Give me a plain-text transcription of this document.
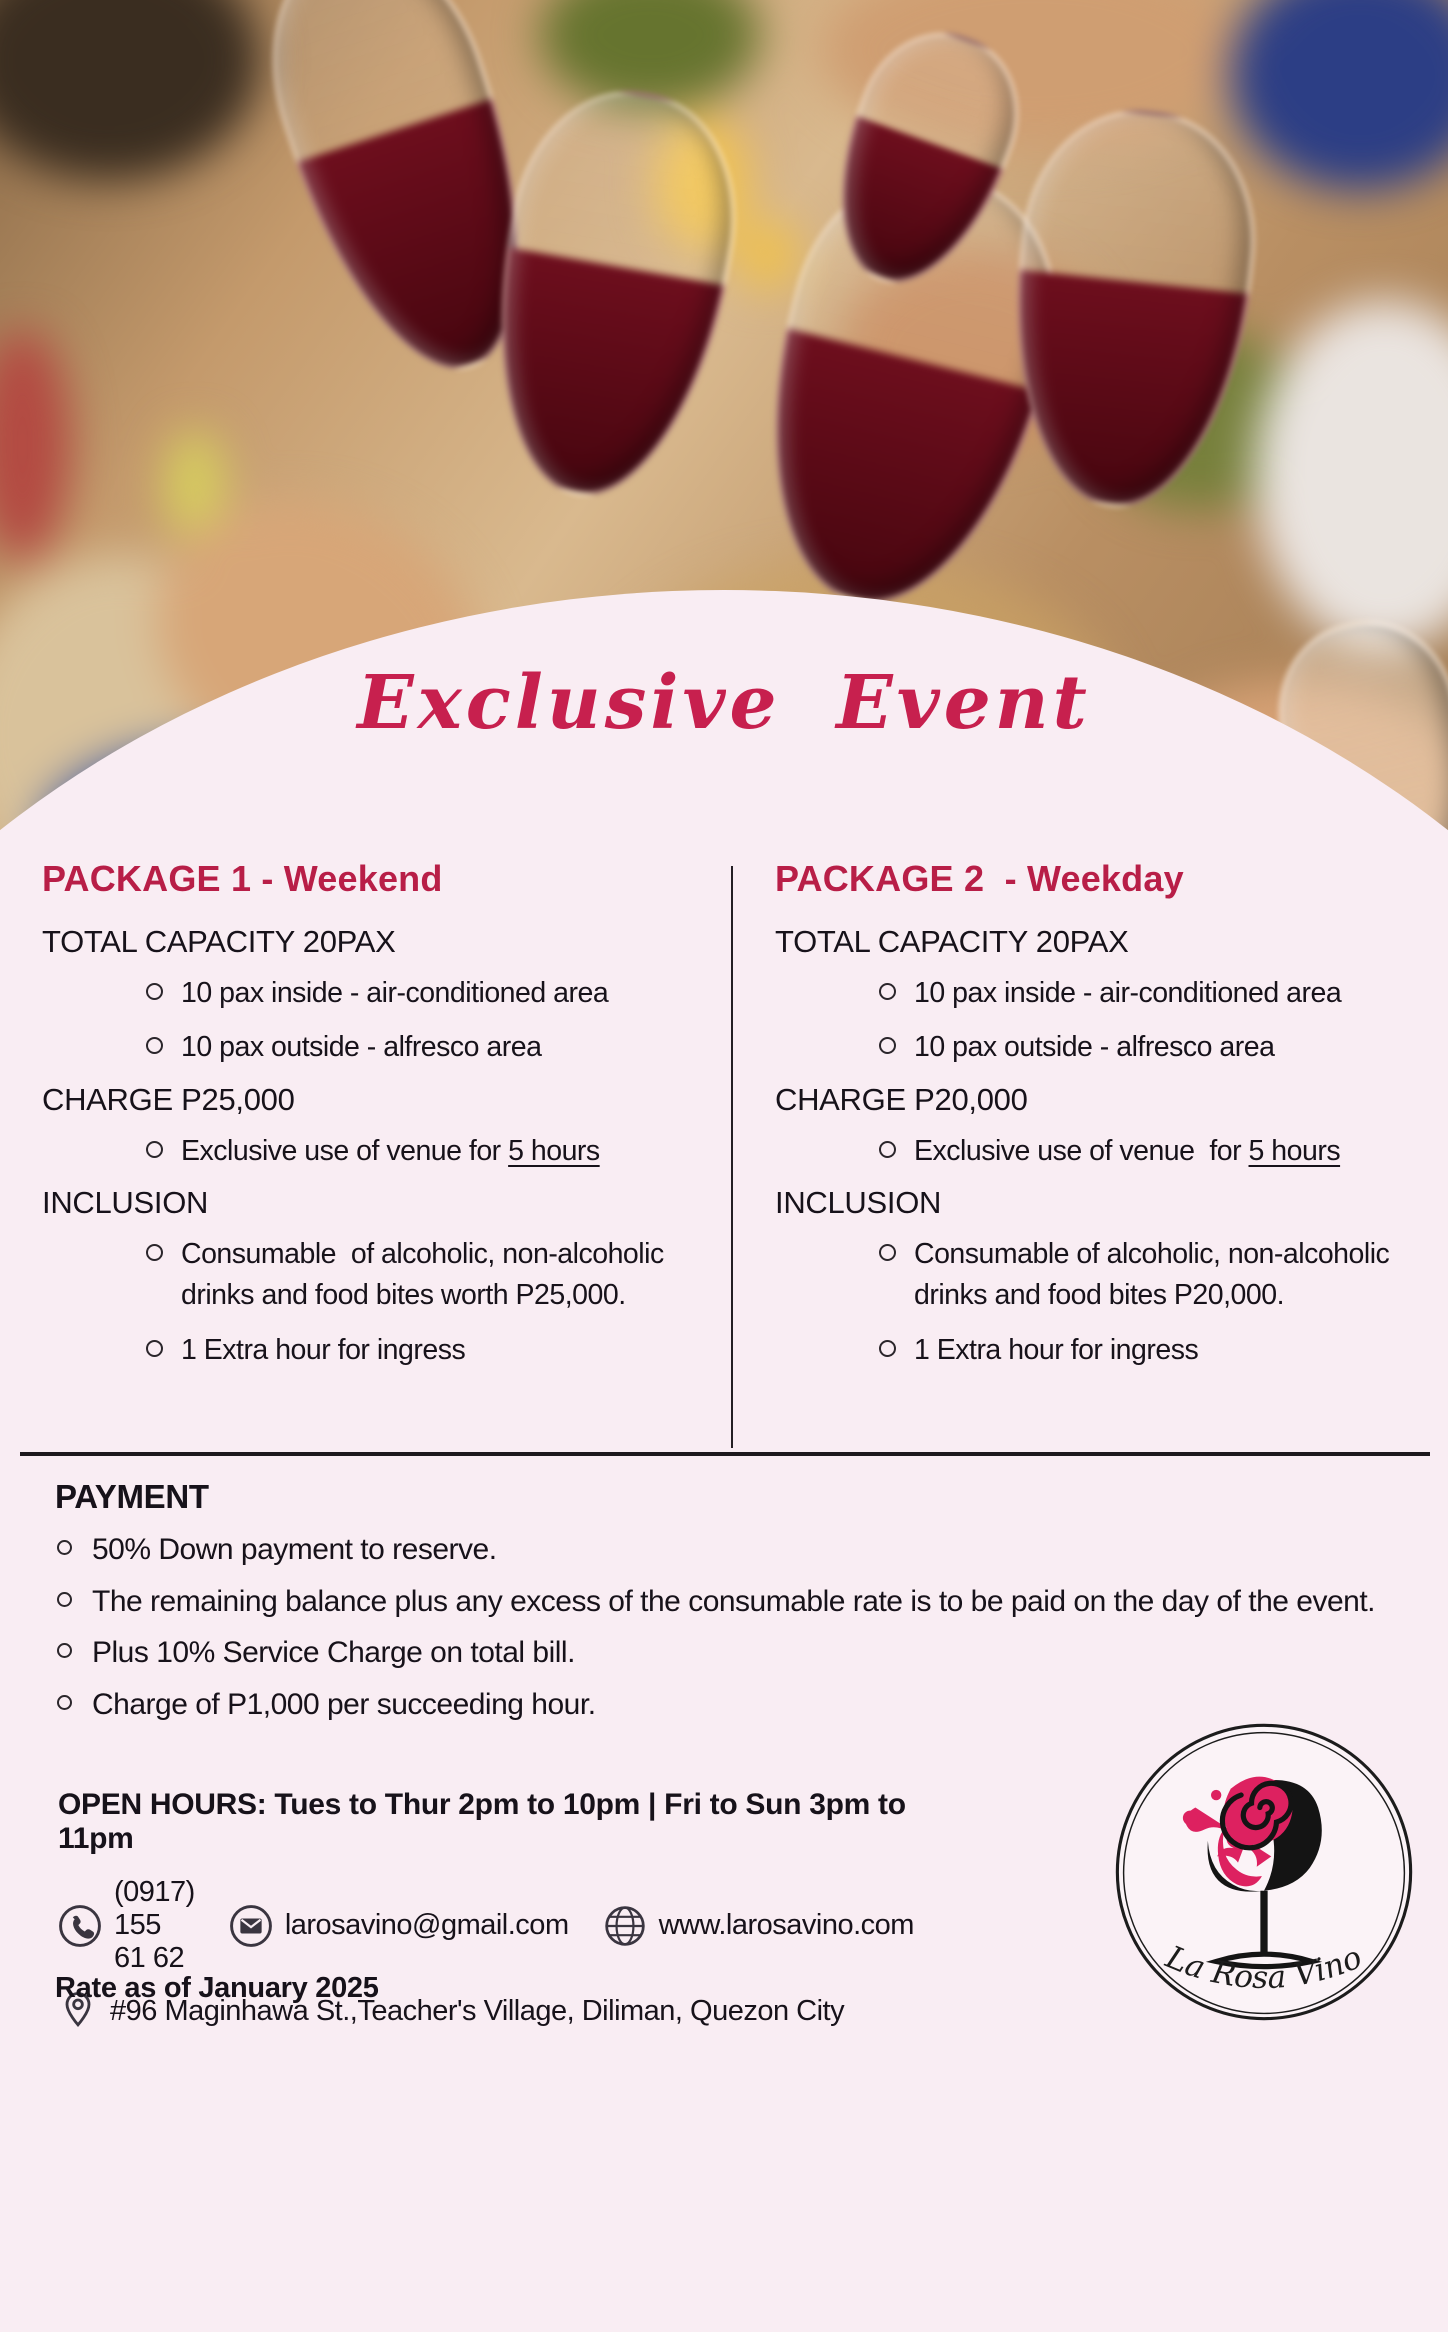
Exclusive Event
PACKAGE 1 - Weekend
TOTAL CAPACITY 20PAX
10 pax inside - air-conditioned area
10 pax outside - alfresco area
CHARGE P25,000
Exclusive use of venue for 5 hours
INCLUSION
Consumable  of alcoholic, non-alcoholic drinks and food bites worth P25,000.
1 Extra hour for ingress
PACKAGE 2  - Weekday
TOTAL CAPACITY 20PAX
10 pax inside - air-conditioned area
10 pax outside - alfresco area
CHARGE P20,000
Exclusive use of venue  for 5 hours
INCLUSION
Consumable of alcoholic, non-alcoholic drinks and food bites P20,000.
1 Extra hour for ingress
PAYMENT
50% Down payment to reserve.
The remaining balance plus any excess of the consumable rate is to be paid on the day of the event.
Plus 10% Service Charge on total bill.
Charge of P1,000 per succeeding hour.
OPEN HOURS: Tues to Thur 2pm to 10pm | Fri to Sun 3pm to 11pm
(0917) 155 61 62
larosavino@gmail.com	www.larosavino.com
#96 Maginhawa St.,Teacher's Village, Diliman, Quezon City
Rate as of January 2025
La Rosa Vino
